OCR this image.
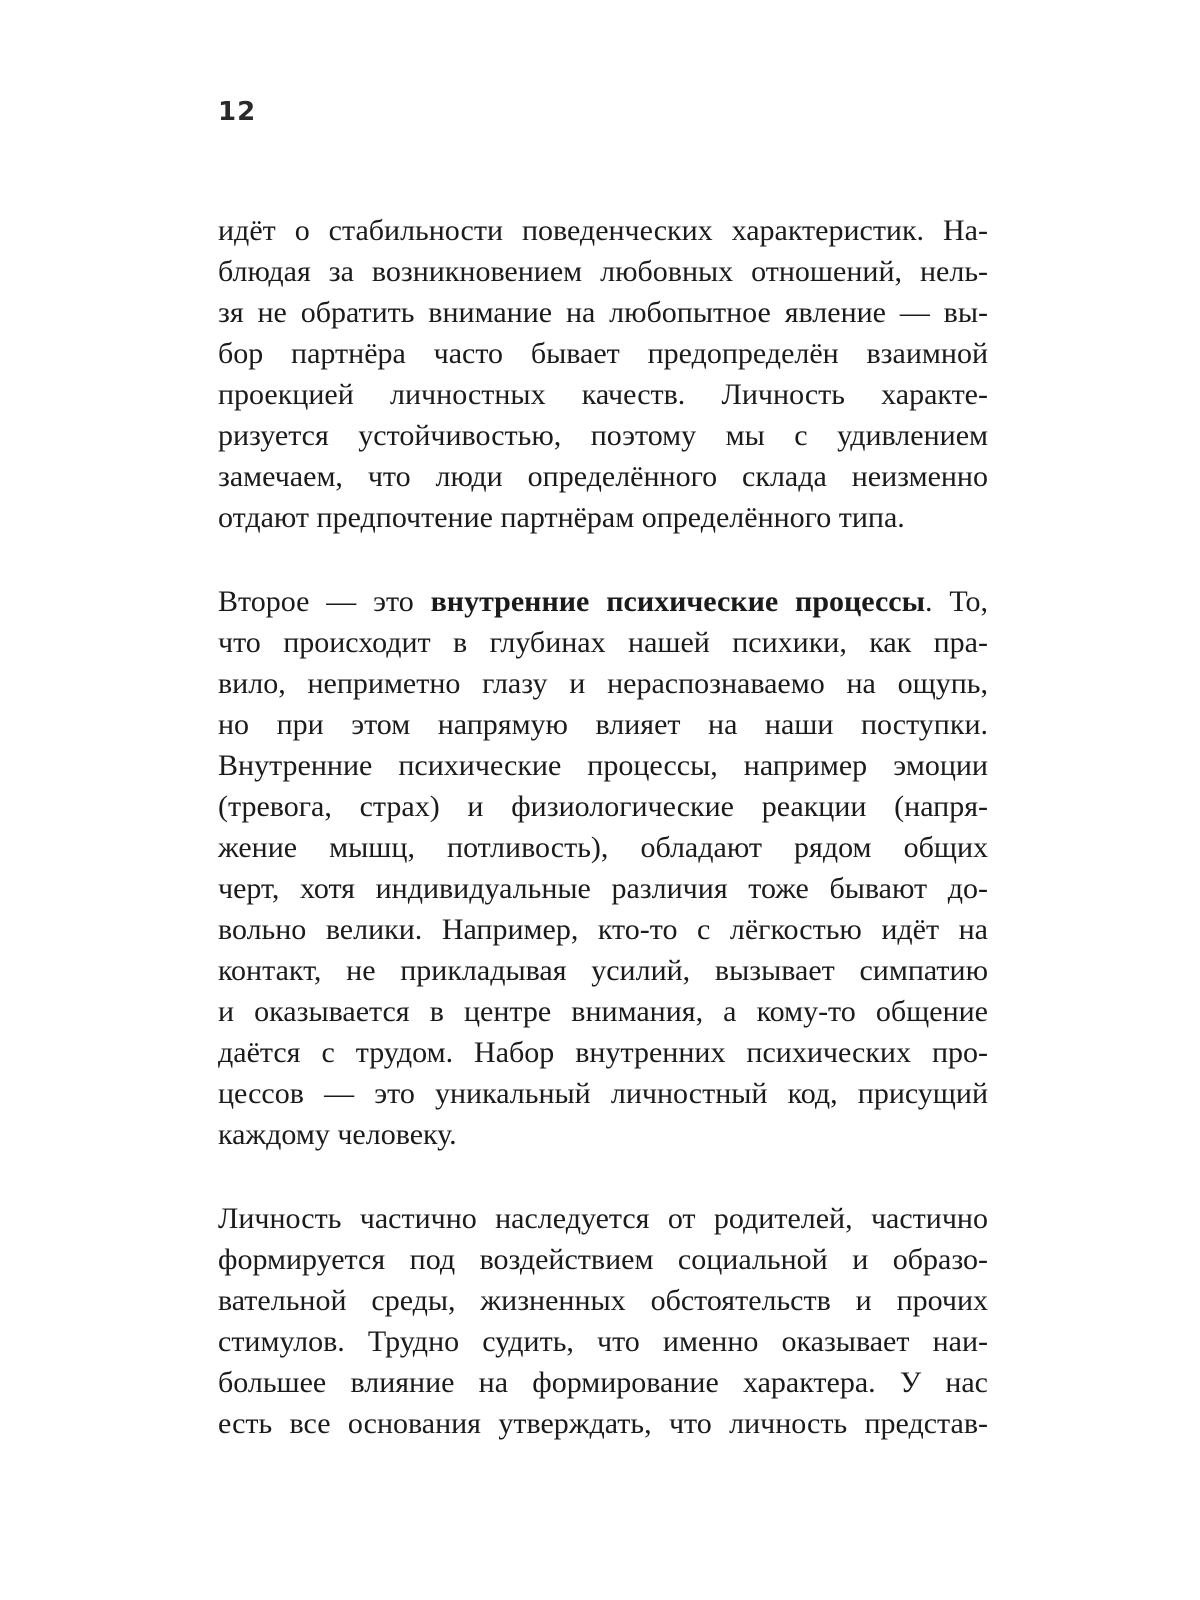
12

идёт о стабильности поведенческих характеристик. На-
блюдая за возникновением любовных отношений, нель-
зя не обратить внимание на любопытное явление — вы-
бор партнёра часто бывает предопределён взаимной
проекцией личностных качеств. Личность характе-
ризуется устойчивостью, поэтому мы с удивлением
замечаем, что люди определённого склада неизменно
отдают предпочтение партнёрам определённого типа.

Второе — это внутренние психические процессы. То,
что происходит в глубинах нашей психики, как пра-
вило, неприметно глазу и нераспознаваемо на ощупь,
но при этом напрямую влияет на наши поступки.
Внутренние психические процессы, например эмоции
(тревога, страх) и физиологические реакции (напря-
жение мышц, потливость), обладают рядом общих
черт, хотя индивидуальные различия тоже бывают до-
вольно велики. Например, кто-то с лёгкостью идёт на
контакт, не прикладывая усилий, вызывает симпатию
и оказывается в центре внимания, а кому-то общение
даётся с трудом. Набор внутренних психических про-
цессов — это уникальный личностный код, присущий
каждому человеку.

Личность частично наследуется от родителей, частично
формируется под воздействием социальной и образо-
вательной среды, жизненных обстоятельств и прочих
стимулов. Трудно судить, что именно оказывает наи-
большее влияние на формирование характера. У нас
есть все основания утверждать, что личность представ-
